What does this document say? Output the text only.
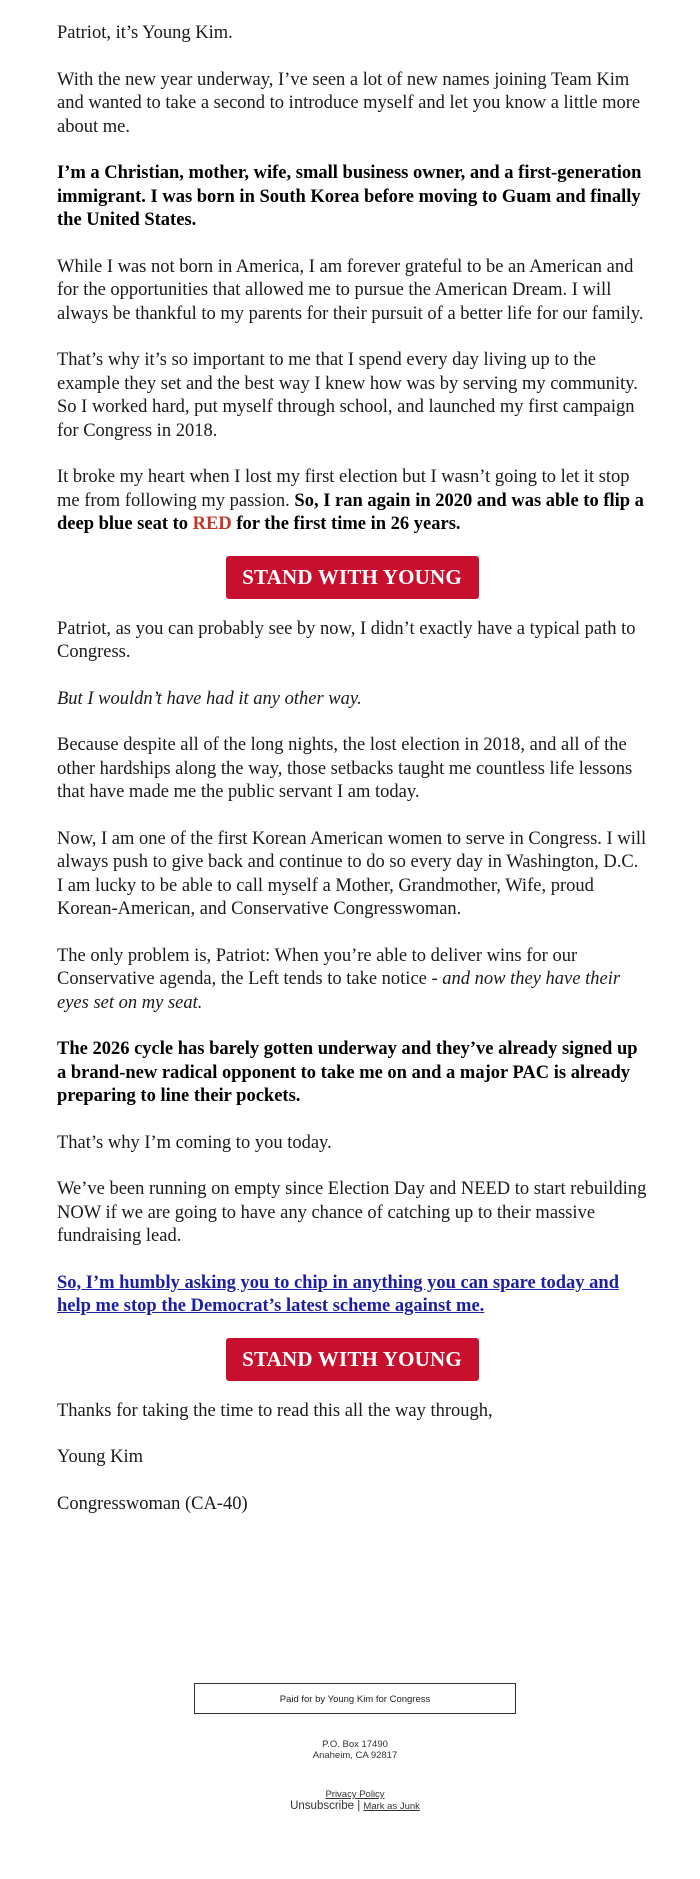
Patriot, it’s Young Kim.

With the new year underway, I’ve seen a lot of new names joining Team Kim and wanted to take a second to introduce myself and let you know a little more about me.

I’m a Christian, mother, wife, small business owner, and a first-generation immigrant. I was born in South Korea before moving to Guam and finally the United States.

While I was not born in America, I am forever grateful to be an American and for the opportunities that allowed me to pursue the American Dream. I will always be thankful to my parents for their pursuit of a better life for our family.

That’s why it’s so important to me that I spend every day living up to the example they set and the best way I knew how was by serving my community. So I worked hard, put myself through school, and launched my first campaign for Congress in 2018.

It broke my heart when I lost my first election but I wasn’t going to let it stop me from following my passion. So, I ran again in 2020 and was able to flip a deep blue seat to RED for the first time in 26 years.

STAND WITH YOUNG

Patriot, as you can probably see by now, I didn’t exactly have a typical path to Congress.

But I wouldn’t have had it any other way.

Because despite all of the long nights, the lost election in 2018, and all of the other hardships along the way, those setbacks taught me countless life lessons that have made me the public servant I am today.

Now, I am one of the first Korean American women to serve in Congress. I will always push to give back and continue to do so every day in Washington, D.C. I am lucky to be able to call myself a Mother, Grandmother, Wife, proud Korean-American, and Conservative Congresswoman.

The only problem is, Patriot: When you’re able to deliver wins for our Conservative agenda, the Left tends to take notice - and now they have their eyes set on my seat.

The 2026 cycle has barely gotten underway and they’ve already signed up a brand-new radical opponent to take me on and a major PAC is already preparing to line their pockets.

That’s why I’m coming to you today.

We’ve been running on empty since Election Day and NEED to start rebuilding NOW if we are going to have any chance of catching up to their massive fundraising lead.

So, I’m humbly asking you to chip in anything you can spare today and help me stop the Democrat’s latest scheme against me.

STAND WITH YOUNG

Thanks for taking the time to read this all the way through,

Young Kim

Congresswoman (CA-40)

Paid for by Young Kim for Congress
P.O. Box 17490
Anaheim, CA 92817
Privacy Policy
Unsubscribe | Mark as Junk
